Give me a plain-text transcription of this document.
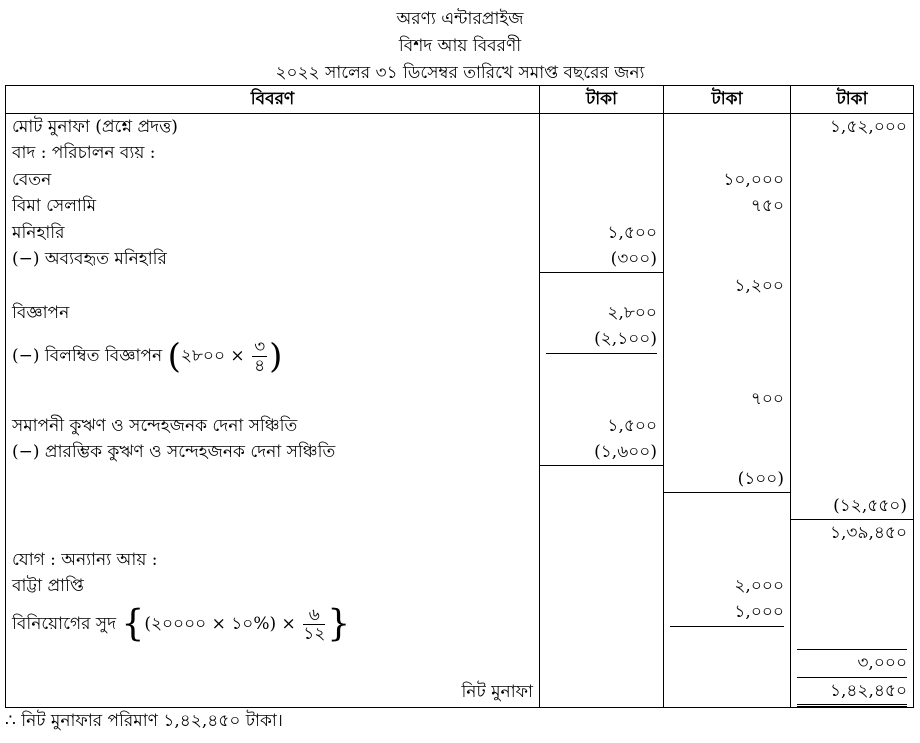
অরণ্য এন্টারপ্রাইজ
বিশদ আয় বিবরণী
২০২২ সালের ৩১ ডিসেম্বর তারিখে সমাপ্ত বছরের জন্য
বিবরণ	টাকা	টাকা	টাকা
মোট মুনাফা (প্রশ্নে প্রদত্ত)			১,৫২,০০০
বাদ : পরিচালন ব্যয় :			
বেতন		১০,০০০	
বিমা সেলামি		৭৫০	
মনিহারি	১,৫০০		
(−) অব্যবহৃত মনিহারি	(৩০০)		
		১,২০০	
বিজ্ঞাপন	২,৮০০		
(−) বিলম্বিত বিজ্ঞাপন (২৮০০ × $\frac{৩}{৪}$ )	(২,১০০)		

		৭০০	
সমাপনী কুঋণ ও সন্দেহজনক দেনা সঞ্চিতি	১,৫০০		
(−) প্রারম্ভিক কুঋণ ও সন্দেহজনক দেনা সঞ্চিতি	(১,৬০০)		
		(১০০)	
			(১২,৫৫০)
			১,৩৯,৪৫০
যোগ : অন্যান্য আয় :			
বাট্টা প্রাপ্তি		২,০০০	
বিনিয়োগের সুদ {(২০০০০ × ১০%) × $\frac{৬}{১২}$ }		১,০০০	

			৩,০০০

নিট মুনাফা			১,৪২,৪৫০
∴ নিট মুনাফার পরিমাণ ১,৪২,৪৫০ টাকা।
